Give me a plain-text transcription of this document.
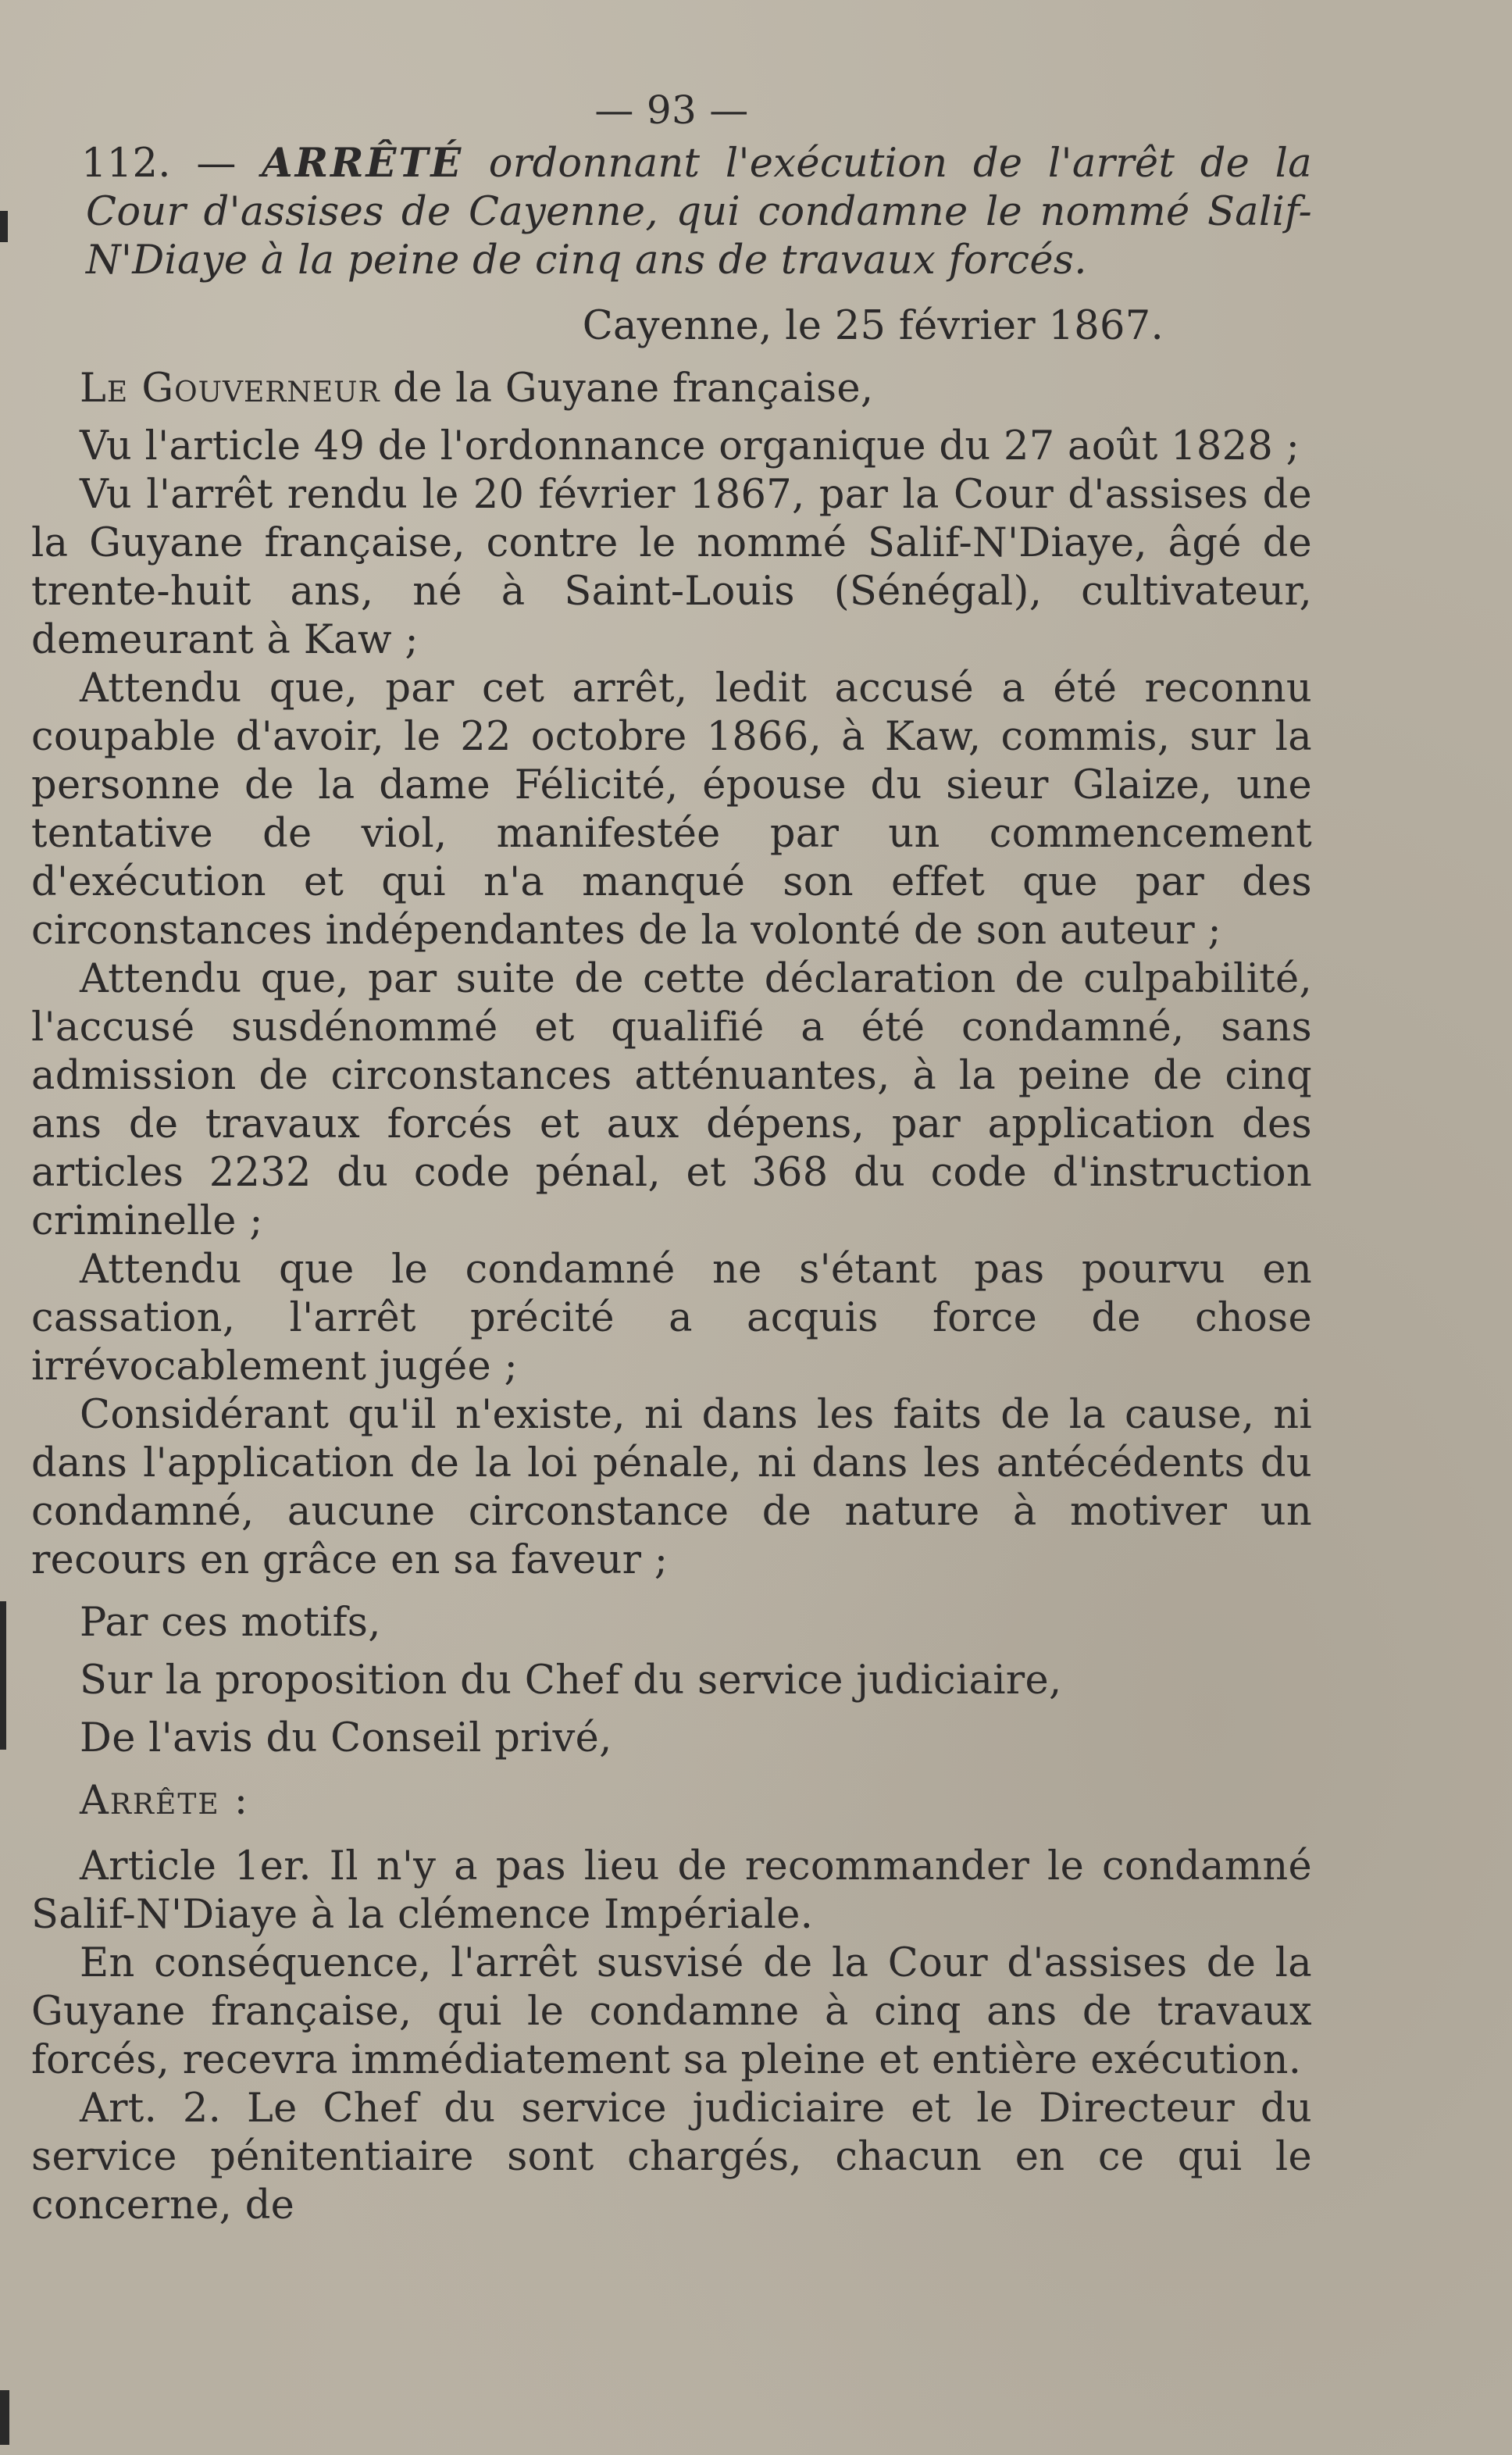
— 93 —

112. — ARRÊTÉ ordonnant l'exécution de l'arrêt de la Cour d'assises de Cayenne, qui condamne le nommé Salif-N'Diaye à la peine de cinq ans de travaux forcés.

Cayenne, le 25 février 1867.

Le Gouverneur de la Guyane française,

Vu l'article 49 de l'ordonnance organique du 27 août 1828 ;

Vu l'arrêt rendu le 20 février 1867, par la Cour d'assises de la Guyane française, contre le nommé Salif-N'Diaye, âgé de trente-huit ans, né à Saint-Louis (Sénégal), cultivateur, demeurant à Kaw ;

Attendu que, par cet arrêt, ledit accusé a été reconnu coupable d'avoir, le 22 octobre 1866, à Kaw, commis, sur la personne de la dame Félicité, épouse du sieur Glaize, une tentative de viol, manifestée par un commencement d'exécution et qui n'a manqué son effet que par des circonstances indépendantes de la volonté de son auteur ;

Attendu que, par suite de cette déclaration de culpabilité, l'accusé susdénommé et qualifié a été condamné, sans admission de circonstances atténuantes, à la peine de cinq ans de travaux forcés et aux dépens, par application des articles 2232 du code pénal, et 368 du code d'instruction criminelle ;

Attendu que le condamné ne s'étant pas pourvu en cassation, l'arrêt précité a acquis force de chose irrévocablement jugée ;

Considérant qu'il n'existe, ni dans les faits de la cause, ni dans l'application de la loi pénale, ni dans les antécédents du condamné, aucune circonstance de nature à motiver un recours en grâce en sa faveur ;

Par ces motifs,

Sur la proposition du Chef du service judiciaire,

De l'avis du Conseil privé,

Arrête :

Article 1er. Il n'y a pas lieu de recommander le condamné Salif-N'Diaye à la clémence Impériale.

En conséquence, l'arrêt susvisé de la Cour d'assises de la Guyane française, qui le condamne à cinq ans de travaux forcés, recevra immédiatement sa pleine et entière exécution.

Art. 2. Le Chef du service judiciaire et le Directeur du service pénitentiaire sont chargés, chacun en ce qui le concerne, de
